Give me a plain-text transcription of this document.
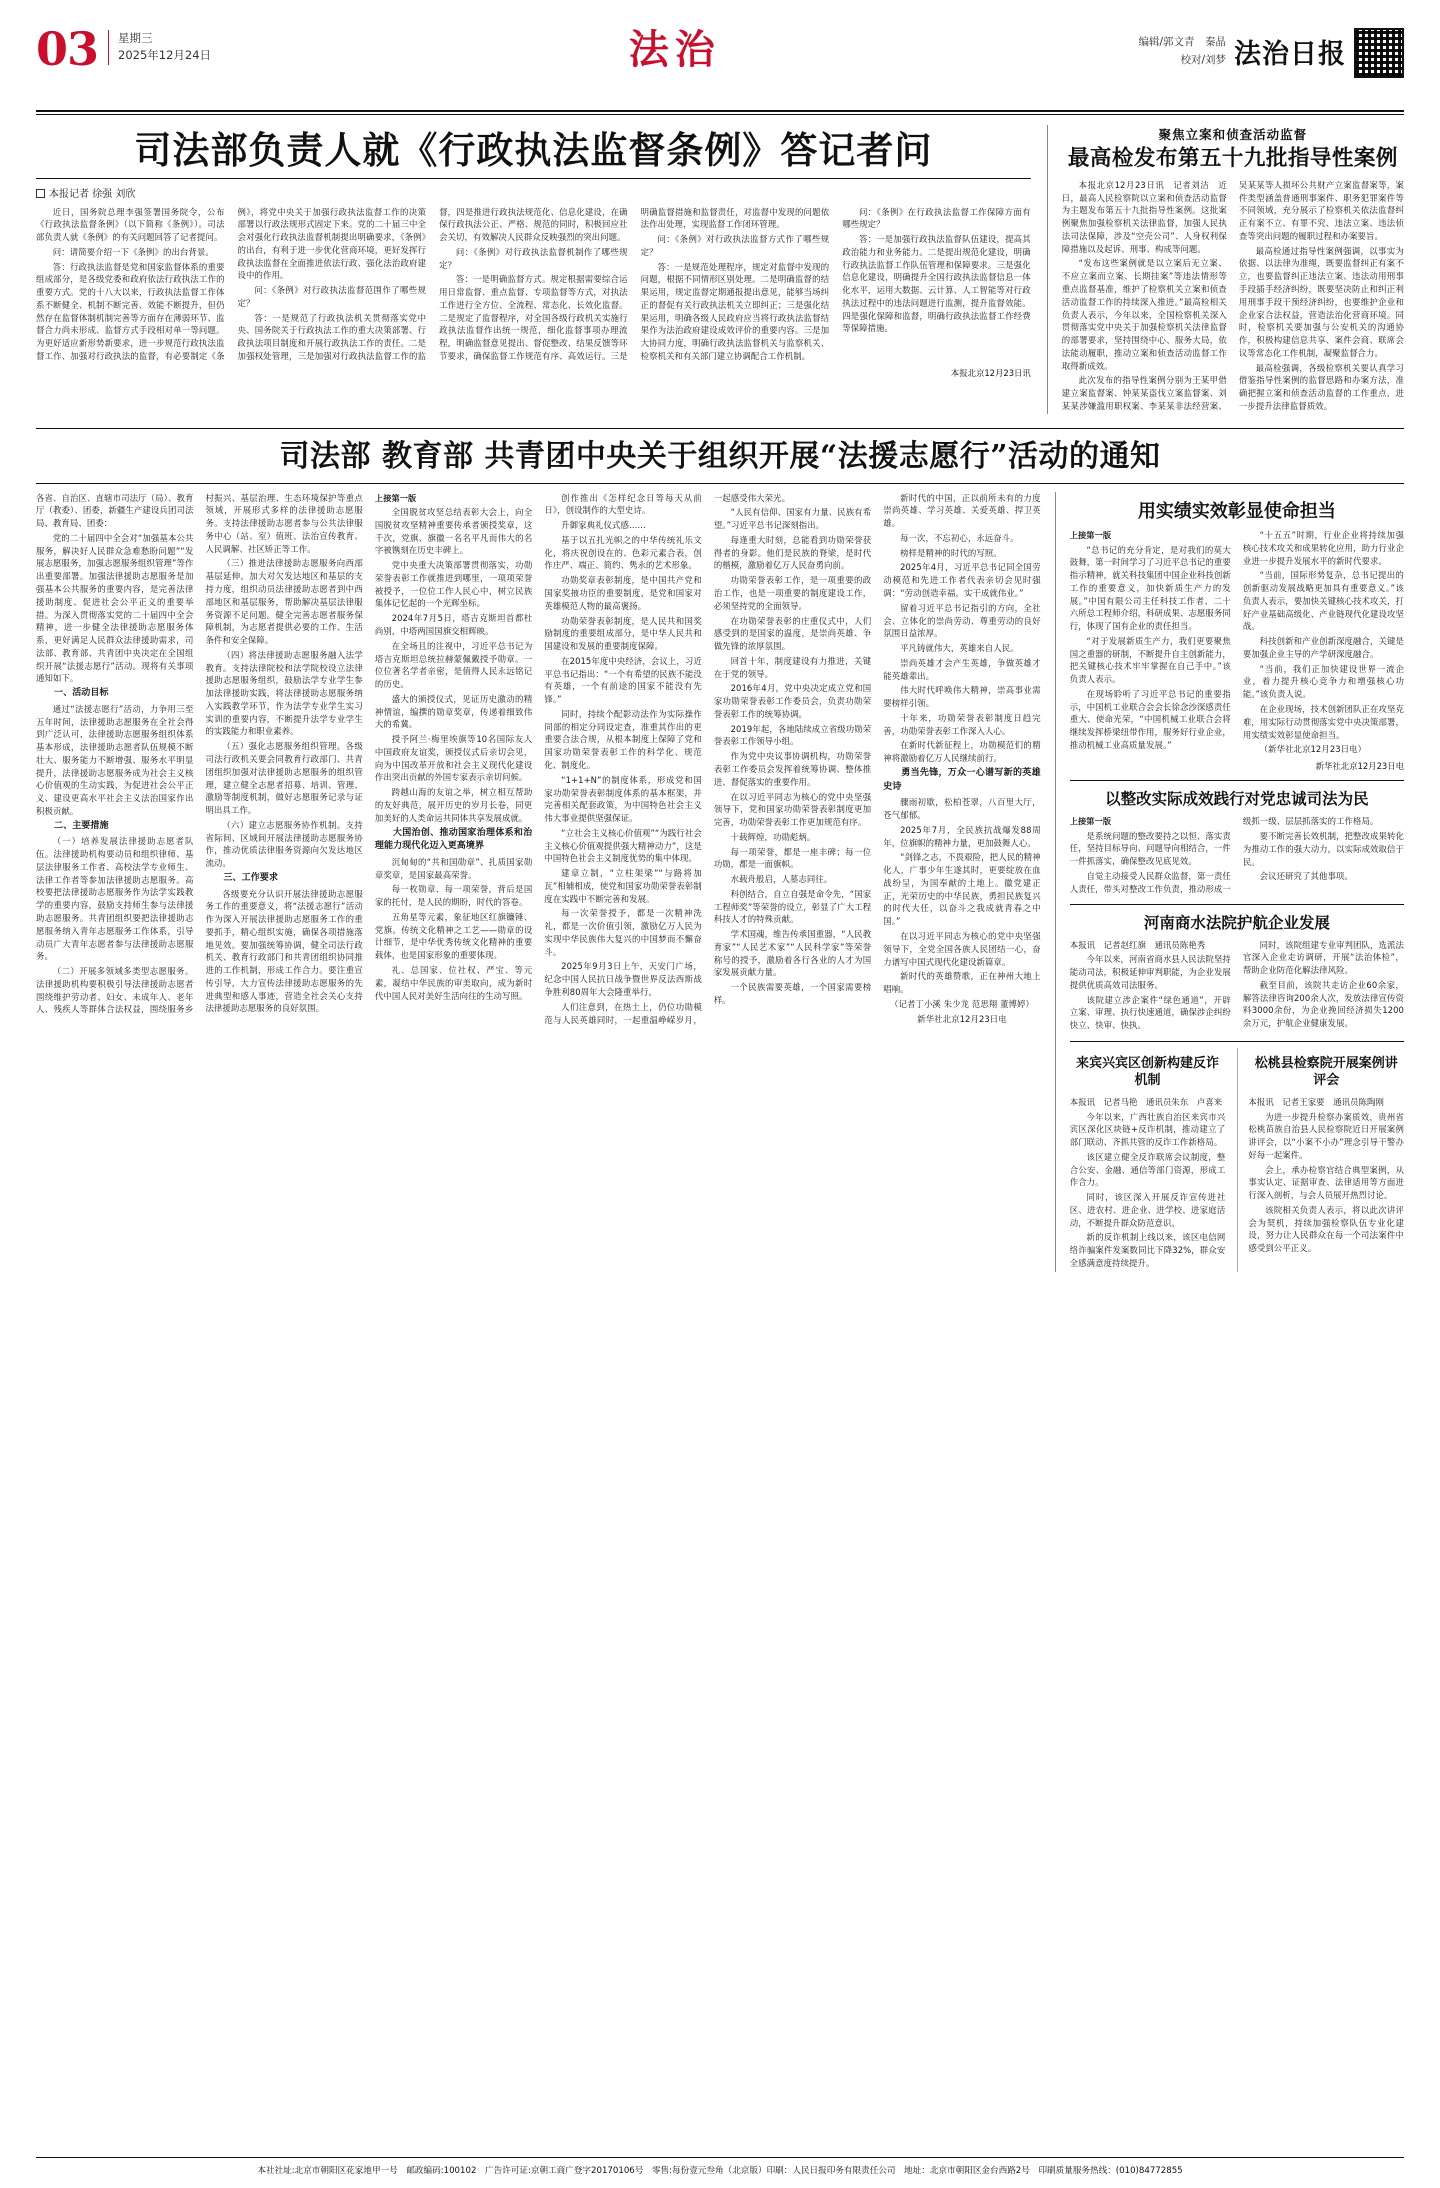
03 星期三
2025年12月24日	法治	编辑/郭文青　秦晶
校对/刘梦 法治日报
司法部负责人就《行政执法监督条例》答记者问
本报记者 徐强 刘欣

近日，国务院总理李强签署国务院令，公布《行政执法监督条例》（以下简称《条例》）。司法部负责人就《条例》的有关问题回答了记者提问。

问：请简要介绍一下《条例》的出台背景。

答：行政执法监督是党和国家监督体系的重要组成部分，是各级党委和政府依法行政执法工作的重要方式。党的十八大以来，行政执法监督工作体系不断健全、机制不断完善、效能不断提升，但仍然存在监督体制机制完善等方面存在薄弱环节、监督合力尚未形成、监督方式手段相对单一等问题。为更好适应新形势新要求，进一步规范行政执法监督工作、加强对行政执法的监督，有必要制定《条例》，将党中央关于加强行政执法监督工作的决策部署以行政法规形式固定下来。党的二十届三中全会对强化行政执法监督机制提出明确要求，《条例》的出台，有利于进一步优化营商环境，更好发挥行政执法监督在全面推进依法行政、强化法治政府建设中的作用。

问：《条例》对行政执法监督范围作了哪些规定？

答：一是规范了行政执法机关贯彻落实党中央、国务院关于行政执法工作的重大决策部署、行政执法项目制度和开展行政执法工作的责任。二是加强权处管理，三是加强对行政执法监督工作的监督，四是推进行政执法规范化、信息化建设，在确保行政执法公正、严格、规范的同时，积极回应社会关切，有效解决人民群众反映强烈的突出问题。

问：《条例》对行政执法监督机制作了哪些规定？

答：一是明确监督方式。规定根据需要综合运用日常监督、重点监督、专项监督等方式，对执法工作进行全方位、全流程、常态化、长效化监督。二是规定了监督程序，对全国各级行政机关实施行政执法监督作出统一规范，细化监督事项办理流程，明确监督意见提出、督促整改、结果反馈等环节要求，确保监督工作规范有序、高效运行。三是明确监督措施和监督责任，对监督中发现的问题依法作出处理，实现监督工作闭环管理。

问：《条例》对行政执法监督方式作了哪些规定？

答：一是规范处理程序，规定对监督中发现的问题，根据不同情形区别处理。二是明确监督的结果运用，规定监督定期通报提出意见，能够当场纠正的督促有关行政执法机关立即纠正；三是强化结果运用，明确各级人民政府应当将行政执法监督结果作为法治政府建设成效评价的重要内容。三是加大协同力度，明确行政执法监督机关与监察机关、检察机关和有关部门建立协调配合工作机制。

问：《条例》在行政执法监督工作保障方面有哪些规定？

答：一是加强行政执法监督队伍建设，提高其政治能力和业务能力。二是提出规范化建设，明确行政执法监督工作队伍管理和保障要求。三是强化信息化建设，明确提升全国行政执法监督信息一体化水平，运用大数据、云计算、人工智能等对行政执法过程中的违法问题进行监测，提升监督效能。四是强化保障和监督，明确行政执法监督工作经费等保障措施。

本报北京12月23日讯
聚焦立案和侦查活动监督
最高检发布第五十九批指导性案例

本报北京12月23日讯　记者刘洁　近日，最高人民检察院以立案和侦查活动监督为主题发布第五十九批指导性案例。这批案例聚焦加强检察机关法律监督，加强人民执法司法保障，涉及“空壳公司”、人身权利保障措施以及起诉、刑事、构成等问题。

“发布这些案例就是以立案后无立案、不应立案而立案、长期挂案”等违法情形等重点监督基准，维护了检察机关立案和侦查活动监督工作的持续深入推进。”最高检相关负责人表示，今年以来，全国检察机关深入贯彻落实党中央关于加强检察机关法律监督的部署要求，坚持围绕中心、服务大局，依法能动履职，推动立案和侦查活动监督工作取得新成效。

此次发布的指导性案例分别为王某甲借建立案监督案、钟某某盗伐立案监督案、刘某某涉嫌滥用职权案、李某某非法经营案、吴某某等人损坏公共财产立案监督案等，案件类型涵盖普通刑事案件、职务犯罪案件等不同领域，充分展示了检察机关依法监督纠正有案不立、有罪不究、违法立案、违法侦查等突出问题的履职过程和办案要旨。

最高检通过指导性案例强调，以事实为依据、以法律为准绳，既要监督纠正有案不立，也要监督纠正违法立案、违法动用刑事手段插手经济纠纷，既要坚决防止和纠正利用刑事手段干预经济纠纷，也要维护企业和企业家合法权益，营造法治化营商环境。同时，检察机关要加强与公安机关的沟通协作，积极构建信息共享、案件会商、联席会议等常态化工作机制，凝聚监督合力。

最高检强调，各级检察机关要认真学习借鉴指导性案例的监督思路和办案方法，准确把握立案和侦查活动监督的工作重点，进一步提升法律监督质效。

司法部 教育部 共青团中央关于组织开展“法援志愿行”活动的通知

各省、自治区、直辖市司法厅（局）、教育厅（教委）、团委，新疆生产建设兵团司法局、教育局、团委：

党的二十届四中全会对“加强基本公共服务，解决好人民群众急难愁盼问题”“发展志愿服务，加强志愿服务组织管理”等作出重要部署。加强法律援助志愿服务是加强基本公共服务的重要内容，是完善法律援助制度、促进社会公平正义的重要举措。为深入贯彻落实党的二十届四中全会精神，进一步健全法律援助志愿服务体系，更好满足人民群众法律援助需求，司法部、教育部、共青团中央决定在全国组织开展“法援志愿行”活动。现将有关事项通知如下。

一、活动目标

通过“法援志愿行”活动，力争用三至五年时间，法律援助志愿服务在全社会得到广泛认可，法律援助志愿服务组织体系基本形成，法律援助志愿者队伍规模不断壮大、服务能力不断增强、服务水平明显提升，法律援助志愿服务成为社会主义核心价值观的生动实践，为促进社会公平正义、建设更高水平社会主义法治国家作出积极贡献。

二、主要措施

（一）培养发展法律援助志愿者队伍。法律援助机构要动员和组织律师、基层法律服务工作者、高校法学专业师生、法律工作者等参加法律援助志愿服务。高校要把法律援助志愿服务作为法学实践教学的重要内容，鼓励支持师生参与法律援助志愿服务。共青团组织要把法律援助志愿服务纳入青年志愿服务工作体系，引导动员广大青年志愿者参与法律援助志愿服务。

（二）开展多领域多类型志愿服务。法律援助机构要积极引导法律援助志愿者围绕维护劳动者、妇女、未成年人、老年人、残疾人等群体合法权益，围绕服务乡村振兴、基层治理、生态环境保护等重点领域，开展形式多样的法律援助志愿服务。支持法律援助志愿者参与公共法律服务中心（站、室）值班、法治宣传教育、人民调解、社区矫正等工作。

（三）推进法律援助志愿服务向西部基层延伸。加大对欠发达地区和基层的支持力度，组织动员法律援助志愿者到中西部地区和基层服务，帮助解决基层法律服务资源不足问题。健全完善志愿者服务保障机制，为志愿者提供必要的工作、生活条件和安全保障。

（四）将法律援助志愿服务融入法学教育。支持法律院校和法学院校设立法律援助志愿服务组织，鼓励法学专业学生参加法律援助实践，将法律援助志愿服务纳入实践教学环节，作为法学专业学生实习实训的重要内容，不断提升法学专业学生的实践能力和职业素养。

（五）强化志愿服务组织管理。各级司法行政机关要会同教育行政部门、共青团组织加强对法律援助志愿服务的组织管理，建立健全志愿者招募、培训、管理、激励等制度机制，做好志愿服务记录与证明出具工作。

（六）建立志愿服务协作机制。支持省际间、区域间开展法律援助志愿服务协作，推动优质法律服务资源向欠发达地区流动。

三、工作要求

各级要充分认识开展法律援助志愿服务工作的重要意义，将“法援志愿行”活动作为深入开展法律援助志愿服务工作的重要抓手，精心组织实施，确保各项措施落地见效。要加强统筹协调，健全司法行政机关、教育行政部门和共青团组织协同推进的工作机制，形成工作合力。要注重宣传引导，大力宣传法律援助志愿服务的先进典型和感人事迹，营造全社会关心支持法律援助志愿服务的良好氛围。

上接第一版

全国脱贫攻坚总结表彰大会上，向全国脱贫攻坚精神重要传承者颁授奖章，这千次，党旗、旗徽一名名平凡而伟大的名字被镌刻在历史丰碑上。

党中央重大决策部署贯彻落实，功勋荣誉表彰工作就推进到哪里，一项项荣誉被授予，一位位工作人民心中，树立民族集体记忆起的一个光辉坐标。

2024年7月5日，塔吉克斯坦首都杜尚别，中塔两国国旗交相辉映。

在全场且的注视中，习近平总书记为塔吉克斯坦总统拉赫蒙佩戴授予勋章。一位位著名学者亲密，是值得人民永远铭记的历史。

盛大的颁授仪式，见证历史激动的精神情谊，编撰的勋章奖章，传递着细致伟大的希冀。

授予阿兰·梅里埃旗等10名国际友人中国政府友谊奖，颁授仪式后亲切会见，向为中国改革开放和社会主义现代化建设作出突出贡献的外国专家表示亲切问候。

跨越山海的友谊之举，树立相互帮助的友好典范，展开历史的岁月长卷，同更加美好的人类命运共同体共享发展成就。

大国治创、推动国家治理体系和治理能力现代化迈入更高境界

沉甸甸的“共和国勋章”、扎质国家勋章奖章，是国家最高荣誉。

每一枚勋章、每一项荣誉，背后是国家的托付，是人民的期盼，时代的答卷。

五角星等元素，象征地区红旗镰锤、党旗。传统文化精神之工艺——勋章的设计细节，是中华优秀传统文化精神的重要载体，也是国家形象的重要体现。

礼、总国家、位社权、严宝、等元素，凝结中华民族的审美取向，成为新时代中国人民对美好生活向往的生动写照。

创作推出《怎样纪念日等每天从前日》，创设制作的大型史诗。

升御家典礼仪式感……

基于以五扎光帜之的中华传统礼乐文化，将庆祝创设在的、色彩元素合表，创作庄严、端正、简约、隽永的艺术形象。

功勋奖章表彰制度，是中国共产党和国家奖掖功臣的重要制度，是党和国家对英雄模范人物的最高褒扬。

功勋荣誉表彰制度，是人民共和国奖励制度的重要组成部分，是中华人民共和国建设和发展的重要制度保障。

在2015年度中央经济，会议上，习近平总书记指出：“一个有希望的民族不能没有英雄，一个有前途的国家不能没有先锋。”

同时，持续个配影动法作为实际操作同部的相定分同设定查，准重其作出的更重要合法合规，从根本制度上保障了党和国家功勋荣誉表彰工作的科学化、规范化、制度化。

“1+1+N”的制度体系，形成党和国家功勋荣誉表彰制度体系的基本框架，并完善相关配套政策，为中国特色社会主义伟大事业提供坚强保证。

“立社会主义核心价值观”“为践行社会主义核心价值观提供强大精神动力”，这是中国特色社会主义制度优势的集中体现。

建章立制，“立柱架梁”“与路将加瓦”相辅相成，使党和国家功勋荣誉表彰制度在实践中不断完善和发展。

每一次荣誉授予，都是一次精神洗礼，都是一次价值引领，激励亿万人民为实现中华民族伟大复兴的中国梦而不懈奋斗。

2025年9月3日上午，天安门广场，纪念中国人民抗日战争暨世界反法西斯战争胜利80周年大会隆重举行。

人们注意到，在热土上，仍位功勋模范与人民英雄同时，一起重温峥嵘岁月，一起感受伟大荣光。

“人民有信仰、国家有力量、民族有希望。”习近平总书记深刻指出。

每逢重大时刻，总能看到功勋荣誉获得者的身影。他们是民族的脊梁，是时代的楷模，激励着亿万人民奋勇向前。

功勋荣誉表彰工作，是一项重要的政治工作，也是一项重要的制度建设工作，必须坚持党的全面领导。

在功勋荣誉表彰的庄重仪式中，人们感受到的是国家的温度，是崇尚英雄、争做先锋的浓厚氛围。

回首十年，制度建设有力推进，关键在于党的领导。

2016年4月，党中央决定成立党和国家功勋荣誉表彰工作委员会，负责功勋荣誉表彰工作的统筹协调。

2019年起，各地陆续成立省级功勋荣誉表彰工作领导小组。

作为党中央议事协调机构，功勋荣誉表彰工作委员会发挥着统筹协调、整体推进、督促落实的重要作用。

在以习近平同志为核心的党中央坚强领导下，党和国家功勋荣誉表彰制度更加完善，功勋荣誉表彰工作更加规范有序。

十载辉煌，功勋彪炳。

每一项荣誉，都是一座丰碑；每一位功勋，都是一面旗帜。

水载舟般启，人墓志同往。

科创结合，自立自强是命令先，“国家工程师奖”等荣誉的设立，彰显了广大工程科技人才的特殊贡献。

学术国魂，维告传承国重器，“人民教育家”“人民艺术家”“人民科学家”等荣誉称号的授予，激励着各行各业的人才为国家发展贡献力量。

一个民族需要英雄，一个国家需要榜样。

新时代的中国，正以前所未有的力度崇尚英雄、学习英雄、关爱英雄、捍卫英雄。

每一次，不忘初心，永远奋斗。

榜样是精神的时代的写照。

2025年4月，习近平总书记同全国劳动模范和先进工作者代表亲切会见时强调：“劳动创造幸福，实干成就伟业。”

留着习近平总书记指引的方向，全社会、立体化的崇尚劳动、尊重劳动的良好氛围日益浓厚。

平凡铸就伟大，英雄来自人民。

崇尚英雄才会产生英雄，争做英雄才能英雄辈出。

伟大时代呼唤伟大精神，崇高事业需要榜样引领。

十年来，功勋荣誉表彰制度日趋完善，功勋荣誉表彰工作深入人心。

在新时代新征程上，功勋模范们的精神将激励着亿万人民继续前行。

勇当先锋，万众一心谱写新的英雄史诗

骤雨初歇，松柏苍翠，八百里大厅，苍气郁郁。

2025年7月，全民族抗战爆发88周年，位旗帜的精神力量，更加鼓舞人心。

“剑锋之志，不畏艰险，把人民的精神化人，广事少年生遂其时，更要绽放在血战纷呈，为国奉献的土地上。徽党建正正，光荣历史的中华民族，勇担民族复兴的时代大任，以奋斗之我成就青春之中国。”

在以习近平同志为核心的党中央坚强领导下，全党全国各族人民团结一心，奋力谱写中国式现代化建设新篇章。

新时代的英雄赞歌，正在神州大地上唱响。

（记者丁小溪 朱少龙 范思翔 董博婷）

新华社北京12月23日电

用实绩实效彰显使命担当

上接第一版

“总书记的充分肯定，是对我们的莫大鼓舞，第一时间学习了习近平总书记的重要指示精神，就关科技集团中国企业科技创新工作的重要意义，加快新质生产力的发展。”中国有限公司主任科技工作者、二十六所总工程师介绍，科研成果、志愿服务同行，体现了国有企业的责任担当。

“对于发展新质生产力，我们更要聚焦国之重器的研制，不断提升自主创新能力，把关键核心技术牢牢掌握在自己手中。”该负责人表示。

在现场聆听了习近平总书记的重要指示，中国机工业联合会会长徐念沙深感责任重大、使命光荣，“中国机械工业联合会将继续发挥桥梁纽带作用，服务好行业企业，推动机械工业高质量发展。”

“十五五”时期，行业企业将持续加强核心技术攻关和成果转化应用，助力行业企业进一步提升发展水平的新时代要求。

“当前，国际形势复杂，总书记提出的创新驱动发展战略更加具有重要意义。”该负责人表示，要加快关键核心技术攻关，打好产业基础高级化、产业链现代化建设攻坚战。

科技创新和产业创新深度融合，关键是要加强企业主导的产学研深度融合。

“当前，我们正加快建设世界一流企业，着力提升核心竞争力和增强核心功能。”该负责人说。

在企业现场，技术创新团队正在攻坚克难，用实际行动贯彻落实党中央决策部署，用实绩实效彰显使命担当。

（新华社北京12月23日电）

新华社北京12月23日电
以整改实际成效践行对党忠诚司法为民

上接第一版

是系统问题的整改要持之以恒、落实责任，坚持目标导向、问题导向相结合，一件一件抓落实，确保整改见底见效。

自觉主动接受人民群众监督，第一责任人责任，带头对整改工作负责，推动形成一级抓一级、层层抓落实的工作格局。

要不断完善长效机制，把整改成果转化为推动工作的强大动力，以实际成效取信于民。

会议还研究了其他事项。

河南商水法院护航企业发展

本报讯　记者赵红旗　通讯员陈艳秀

今年以来，河南省商水县人民法院坚持能动司法，积极延伸审判职能，为企业发展提供优质高效司法服务。

该院建立涉企案件“绿色通道”，开辟立案、审理、执行快速通道，确保涉企纠纷快立、快审、快执。

同时，该院组建专业审判团队，选派法官深入企业走访调研，开展“法治体检”，帮助企业防范化解法律风险。

截至目前，该院共走访企业60余家，解答法律咨询200余人次，发放法律宣传资料3000余份，为企业挽回经济损失1200余万元，护航企业健康发展。

来宾兴宾区创新构建反诈机制

本报讯　记者马艳　通讯员朱东　卢喜来

今年以来，广西壮族自治区来宾市兴宾区深化区块链+反诈机制，推动建立了部门联动、齐抓共管的反诈工作新格局。

该区建立健全反诈联席会议制度，整合公安、金融、通信等部门资源，形成工作合力。

同时，该区深入开展反诈宣传进社区、进农村、进企业、进学校、进家庭活动，不断提升群众防范意识。

新的反诈机制上线以来，该区电信网络诈骗案件发案数同比下降32%，群众安全感满意度持续提升。

松桃县检察院开展案例讲评会

本报讯　记者王家要　通讯员陈陶刚

为进一步提升检察办案质效，贵州省松桃苗族自治县人民检察院近日开展案例讲评会，以“小案不小办”理念引导干警办好每一起案件。

会上，承办检察官结合典型案例，从事实认定、证据审查、法律适用等方面进行深入剖析，与会人员展开热烈讨论。

该院相关负责人表示，将以此次讲评会为契机，持续加强检察队伍专业化建设，努力让人民群众在每一个司法案件中感受到公平正义。

本社社址:北京市朝阳区花家地甲一号　邮政编码:100102　广告许可证:京朝工商广登字20170106号　零售:每份壹元叁角（北京版）印刷：人民日报印务有限责任公司　地址：北京市朝阳区金台西路2号　印刷质量服务热线：(010)84772855
